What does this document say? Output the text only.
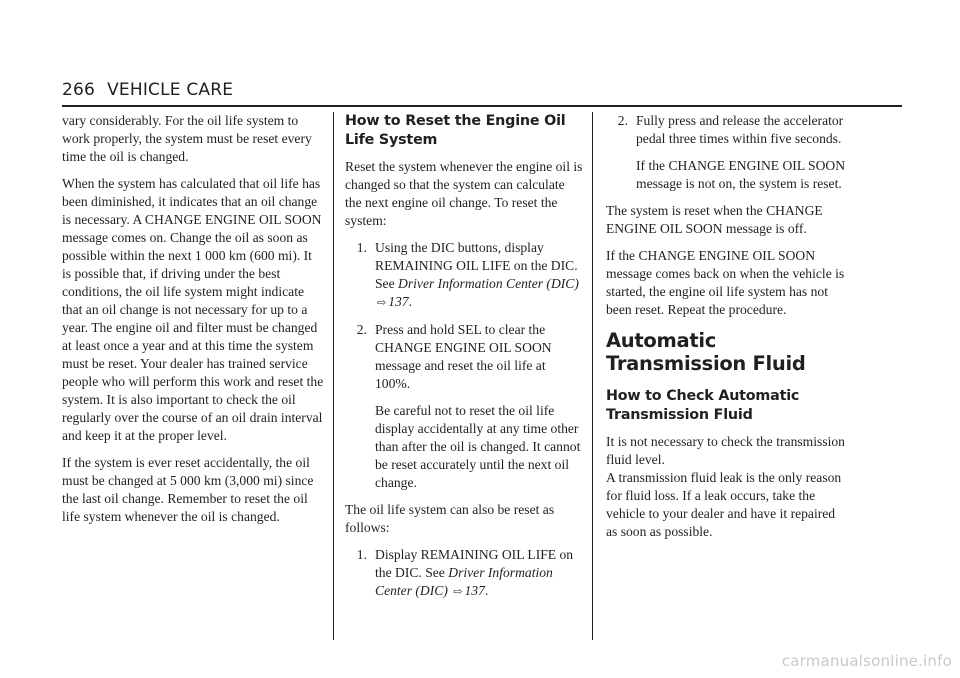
266 VEHICLE CARE

vary considerably. For the oil life system to work properly, the system must be reset every time the oil is changed.

When the system has calculated that oil life has been diminished, it indicates that an oil change is necessary. A CHANGE ENGINE OIL SOON message comes on. Change the oil as soon as possible within the next 1 000 km (600 mi). It is possible that, if driving under the best conditions, the oil life system might indicate that an oil change is not necessary for up to a year. The engine oil and filter must be changed at least once a year and at this time the system must be reset. Your dealer has trained service people who will perform this work and reset the system. It is also important to check the oil regularly over the course of an oil drain interval and keep it at the proper level.

If the system is ever reset accidentally, the oil must be changed at 5 000 km (3,000 mi) since the last oil change. Remember to reset the oil life system whenever the oil is changed.

How to Reset the Engine Oil Life System

Reset the system whenever the engine oil is changed so that the system can calculate the next engine oil change. To reset the system:

1. Using the DIC buttons, display REMAINING OIL LIFE on the DIC. See Driver Information Center (DIC) ⇨ 137.

2. Press and hold SEL to clear the CHANGE ENGINE OIL SOON message and reset the oil life at 100%.

Be careful not to reset the oil life display accidentally at any time other than after the oil is changed. It cannot be reset accurately until the next oil change.

The oil life system can also be reset as follows:

1. Display REMAINING OIL LIFE on the DIC. See Driver Information Center (DIC) ⇨ 137.

2. Fully press and release the accelerator pedal three times within five seconds.

If the CHANGE ENGINE OIL SOON message is not on, the system is reset.

The system is reset when the CHANGE ENGINE OIL SOON message is off.

If the CHANGE ENGINE OIL SOON message comes back on when the vehicle is started, the engine oil life system has not been reset. Repeat the procedure.

Automatic Transmission Fluid
How to Check Automatic Transmission Fluid

It is not necessary to check the transmission fluid level.

A transmission fluid leak is the only reason for fluid loss. If a leak occurs, take the vehicle to your dealer and have it repaired as soon as possible.

carmanualsonline.info
